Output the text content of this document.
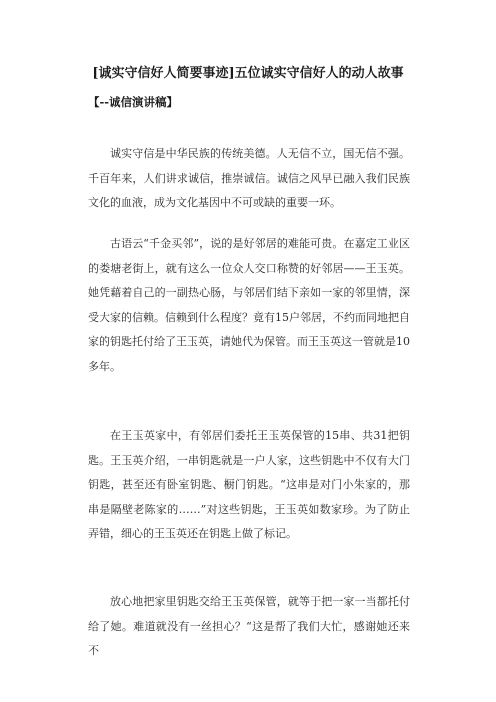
[诚实守信好人简要事迹]五位诚实守信好人的动人故事
【--诚信演讲稿】

诚实守信是中华民族的传统美德。人无信不立，国无信不强。千百年来，人们讲求诚信，推崇诚信。诚信之风早已融入我们民族文化的血液，成为文化基因中不可或缺的重要一环。

古语云“千金买邻”，说的是好邻居的难能可贵。在嘉定工业区的娄塘老街上，就有这么一位众人交口称赞的好邻居——王玉英。她凭藉着自己的一副热心肠，与邻居们结下亲如一家的邻里情，深受大家的信赖。信赖到什么程度？竟有15户邻居，不约而同地把自家的钥匙托付给了王玉英，请她代为保管。而王玉英这一管就是10多年。

在王玉英家中，有邻居们委托王玉英保管的15串、共31把钥匙。王玉英介绍，一串钥匙就是一户人家，这些钥匙中不仅有大门钥匙，甚至还有卧室钥匙、橱门钥匙。“这串是对门小朱家的，那串是隔壁老陈家的……”对这些钥匙，王玉英如数家珍。为了防止弄错，细心的王玉英还在钥匙上做了标记。

放心地把家里钥匙交给王玉英保管，就等于把一家一当都托付给了她。难道就没有一丝担心？“这是帮了我们大忙，感谢她还来不
